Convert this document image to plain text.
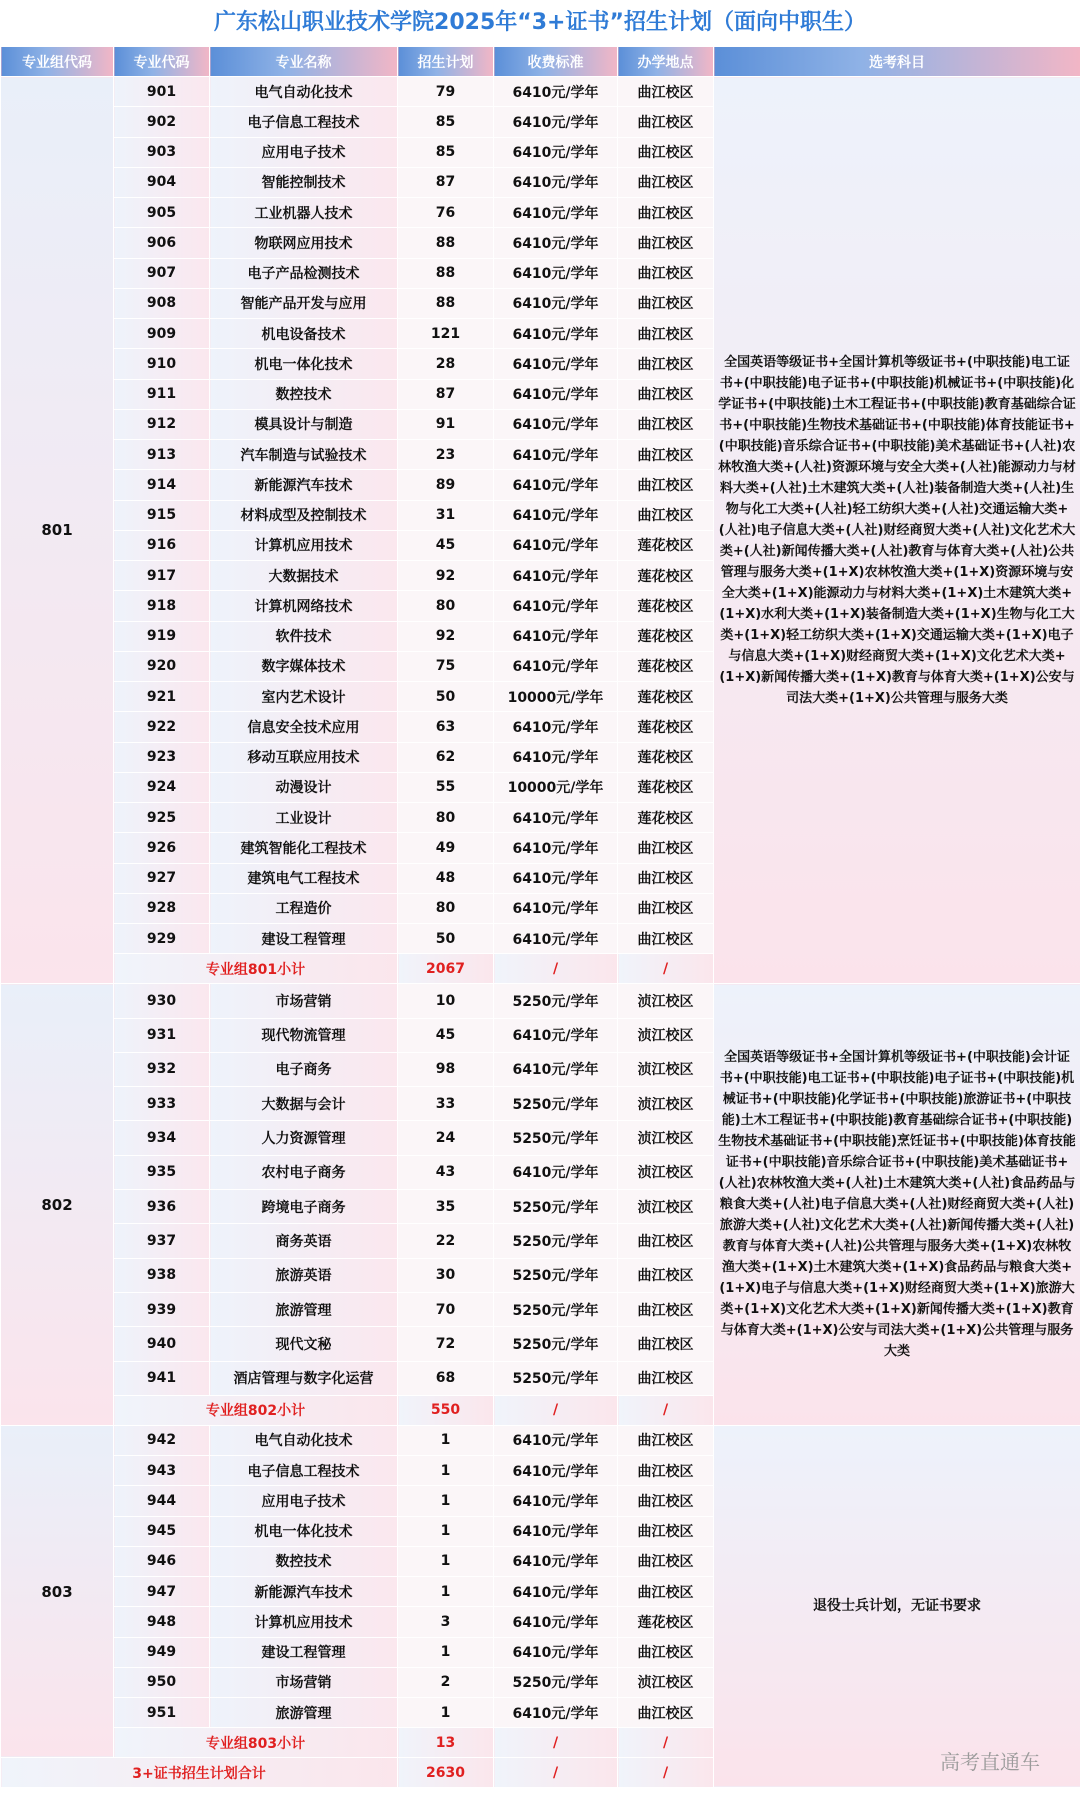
广东松山职业技术学院2025年“3+证书”招生计划（面向中职生）
专业组代码	专业代码	专业名称	招生计划	收费标准	办学地点	选考科目	
801	901	电气自动化技术	79	6410元/学年	曲江校区	全国英语等级证书+全国计算机等级证书+(中职技能)电工证书+(中职技能)电子证书+(中职技能)机械证书+(中职技能)化学证书+(中职技能)土木工程证书+(中职技能)教育基础综合证书+(中职技能)生物技术基础证书+(中职技能)体育技能证书+(中职技能)音乐综合证书+(中职技能)美术基础证书+(人社)农林牧渔大类+(人社)资源环境与安全大类+(人社)能源动力与材料大类+(人社)土木建筑大类+(人社)装备制造大类+(人社)生物与化工大类+(人社)轻工纺织大类+(人社)交通运输大类+(人社)电子信息大类+(人社)财经商贸大类+(人社)文化艺术大类+(人社)新闻传播大类+(人社)教育与体育大类+(人社)公共管理与服务大类+(1+X)农林牧渔大类+(1+X)资源环境与安全大类+(1+X)能源动力与材料大类+(1+X)土木建筑大类+(1+X)水利大类+(1+X)装备制造大类+(1+X)生物与化工大类+(1+X)轻工纺织大类+(1+X)交通运输大类+(1+X)电子与信息大类+(1+X)财经商贸大类+(1+X)文化艺术大类+(1+X)新闻传播大类+(1+X)教育与体育大类+(1+X)公安与司法大类+(1+X)公共管理与服务大类	
	902	电子信息工程技术	85	6410元/学年	曲江校区		
	903	应用电子技术	85	6410元/学年	曲江校区		
	904	智能控制技术	87	6410元/学年	曲江校区		
	905	工业机器人技术	76	6410元/学年	曲江校区		
	906	物联网应用技术	88	6410元/学年	曲江校区		
	907	电子产品检测技术	88	6410元/学年	曲江校区		
	908	智能产品开发与应用	88	6410元/学年	曲江校区		
	909	机电设备技术	121	6410元/学年	曲江校区		
	910	机电一体化技术	28	6410元/学年	曲江校区		
	911	数控技术	87	6410元/学年	曲江校区		
	912	模具设计与制造	91	6410元/学年	曲江校区		
	913	汽车制造与试验技术	23	6410元/学年	曲江校区		
	914	新能源汽车技术	89	6410元/学年	曲江校区		
	915	材料成型及控制技术	31	6410元/学年	曲江校区		
	916	计算机应用技术	45	6410元/学年	莲花校区		
	917	大数据技术	92	6410元/学年	莲花校区		
	918	计算机网络技术	80	6410元/学年	莲花校区		
	919	软件技术	92	6410元/学年	莲花校区		
	920	数字媒体技术	75	6410元/学年	莲花校区		
	921	室内艺术设计	50	10000元/学年	莲花校区		
	922	信息安全技术应用	63	6410元/学年	莲花校区		
	923	移动互联应用技术	62	6410元/学年	莲花校区		
	924	动漫设计	55	10000元/学年	莲花校区		
	925	工业设计	80	6410元/学年	莲花校区		
	926	建筑智能化工程技术	49	6410元/学年	曲江校区		
	927	建筑电气工程技术	48	6410元/学年	曲江校区		
	928	工程造价	80	6410元/学年	曲江校区		
	929	建设工程管理	50	6410元/学年	曲江校区		
	专业组801小计		2067	/	/		
802	930	市场营销	10	5250元/学年	浈江校区	全国英语等级证书+全国计算机等级证书+(中职技能)会计证书+(中职技能)电工证书+(中职技能)电子证书+(中职技能)机械证书+(中职技能)化学证书+(中职技能)旅游证书+(中职技能)土木工程证书+(中职技能)教育基础综合证书+(中职技能)生物技术基础证书+(中职技能)烹饪证书+(中职技能)体育技能证书+(中职技能)音乐综合证书+(中职技能)美术基础证书+(人社)农林牧渔大类+(人社)土木建筑大类+(人社)食品药品与粮食大类+(人社)电子信息大类+(人社)财经商贸大类+(人社)旅游大类+(人社)文化艺术大类+(人社)新闻传播大类+(人社)教育与体育大类+(人社)公共管理与服务大类+(1+X)农林牧渔大类+(1+X)土木建筑大类+(1+X)食品药品与粮食大类+(1+X)电子与信息大类+(1+X)财经商贸大类+(1+X)旅游大类+(1+X)文化艺术大类+(1+X)新闻传播大类+(1+X)教育与体育大类+(1+X)公安与司法大类+(1+X)公共管理与服务大类	
	931	现代物流管理	45	6410元/学年	浈江校区		
	932	电子商务	98	6410元/学年	浈江校区		
	933	大数据与会计	33	5250元/学年	浈江校区		
	934	人力资源管理	24	5250元/学年	浈江校区		
	935	农村电子商务	43	6410元/学年	浈江校区		
	936	跨境电子商务	35	5250元/学年	浈江校区		
	937	商务英语	22	5250元/学年	曲江校区		
	938	旅游英语	30	5250元/学年	曲江校区		
	939	旅游管理	70	5250元/学年	曲江校区		
	940	现代文秘	72	5250元/学年	曲江校区		
	941	酒店管理与数字化运营	68	5250元/学年	曲江校区		
	专业组802小计		550	/	/		
803	942	电气自动化技术	1	6410元/学年	曲江校区	退役士兵计划，无证书要求	
	943	电子信息工程技术	1	6410元/学年	曲江校区		
	944	应用电子技术	1	6410元/学年	曲江校区		
	945	机电一体化技术	1	6410元/学年	曲江校区		
	946	数控技术	1	6410元/学年	曲江校区		
	947	新能源汽车技术	1	6410元/学年	曲江校区		
	948	计算机应用技术	3	6410元/学年	莲花校区		
	949	建设工程管理	1	6410元/学年	曲江校区		
	950	市场营销	2	5250元/学年	浈江校区		
	951	旅游管理	1	6410元/学年	曲江校区		
	专业组803小计		13	/	/		
3+证书招生计划合计			2630	/	/			高考直通车
